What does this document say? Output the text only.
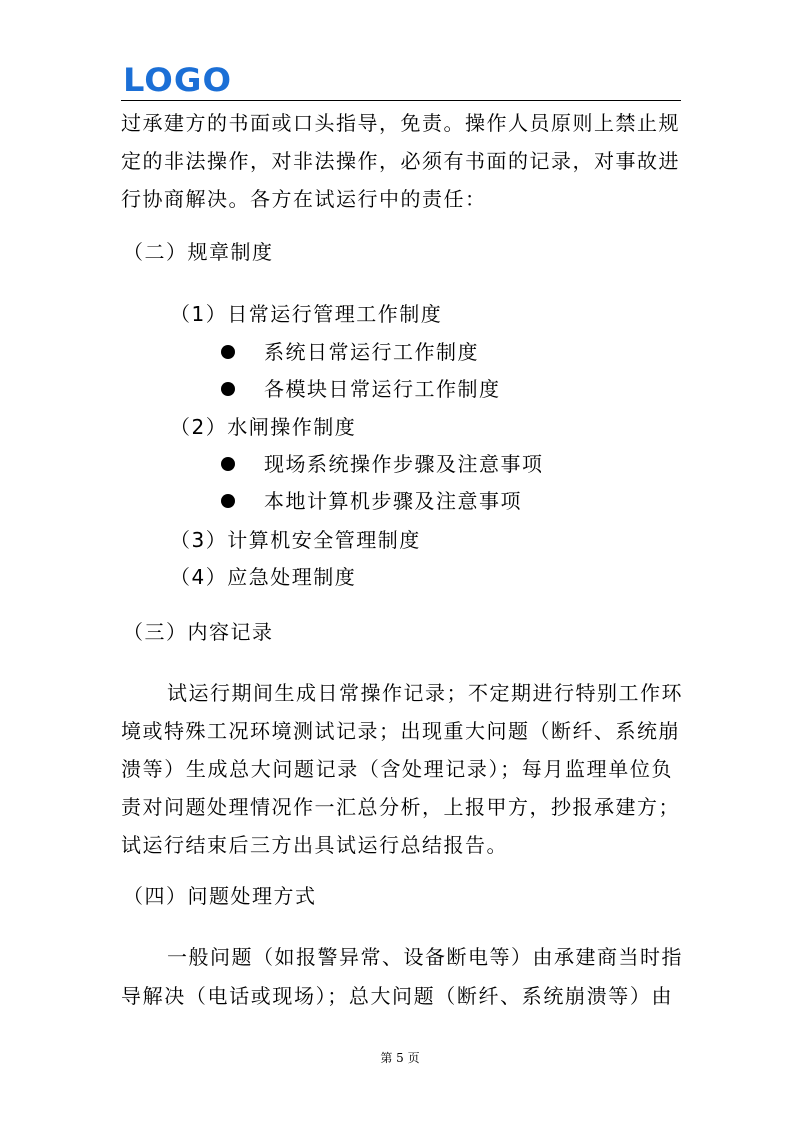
LOGO
过承建方的书面或口头指导，免责。操作人员原则上禁止规
定的非法操作，对非法操作，必须有书面的记录，对事故进
行协商解决。各方在试运行中的责任：
（二）规章制度
（1）日常运行管理工作制度
系统日常运行工作制度
各模块日常运行工作制度
（2）水闸操作制度
现场系统操作步骤及注意事项
本地计算机步骤及注意事项
（3）计算机安全管理制度
（4）应急处理制度
（三）内容记录
试运行期间生成日常操作记录；不定期进行特别工作环
境或特殊工况环境测试记录；出现重大问题（断纤、系统崩
溃等）生成总大问题记录（含处理记录）；每月监理单位负
责对问题处理情况作一汇总分析，上报甲方，抄报承建方；
试运行结束后三方出具试运行总结报告。
（四）问题处理方式
一般问题（如报警异常、设备断电等）由承建商当时指
导解决（电话或现场）；总大问题（断纤、系统崩溃等）由
第 5 页
